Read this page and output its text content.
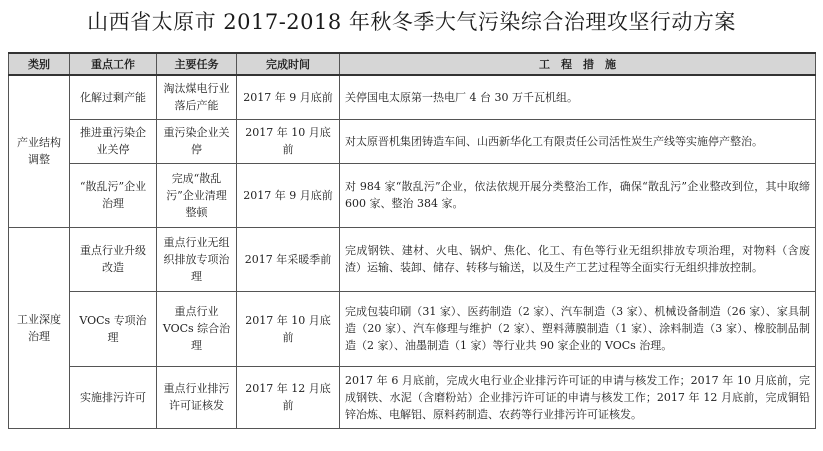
山西省太原市 2017-2018 年秋冬季大气污染综合治理攻坚行动方案
类别	重点工作	主要任务	完成时间	工　程　措　施
产业结构调整	化解过剩产能	淘汰煤电行业落后产能	2017 年 9 月底前	关停国电太原第一热电厂 4 台 30 万千瓦机组。
	推进重污染企业关停	重污染企业关停	2017 年 10 月底前	对太原晋机集团铸造车间、山西新华化工有限责任公司活性炭生产线等实施停产整治。
	“散乱污”企业治理	完成“散乱污”企业清理整顿	2017 年 9 月底前	对 984 家“散乱污”企业，依法依规开展分类整治工作，确保“散乱污”企业整改到位，其中取缔 600 家、整治 384 家。
工业深度治理	重点行业升级改造	重点行业无组织排放专项治理	2017 年采暖季前	完成钢铁、建材、火电、锅炉、焦化、化工、有色等行业无组织排放专项治理，对物料（含废渣）运输、装卸、储存、转移与输送，以及生产工艺过程等全面实行无组织排放控制。
	VOCs 专项治理	重点行业 VOCs 综合治理	2017 年 10 月底前	完成包装印刷（31 家）、医药制造（2 家）、汽车制造（3 家）、机械设备制造（26 家）、家具制造（20 家）、汽车修理与维护（2 家）、塑料薄膜制造（1 家）、涂料制造（3 家）、橡胶制品制造（2 家）、油墨制造（1 家）等行业共 90 家企业的 VOCs 治理。
	实施排污许可	重点行业排污许可证核发	2017 年 12 月底前	2017 年 6 月底前，完成火电行业企业排污许可证的申请与核发工作；2017 年 10 月底前，完成钢铁、水泥（含磨粉站）企业排污许可证的申请与核发工作；2017 年 12 月底前，完成铜铅锌冶炼、电解铝、原料药制造、农药等行业排污许可证核发。
